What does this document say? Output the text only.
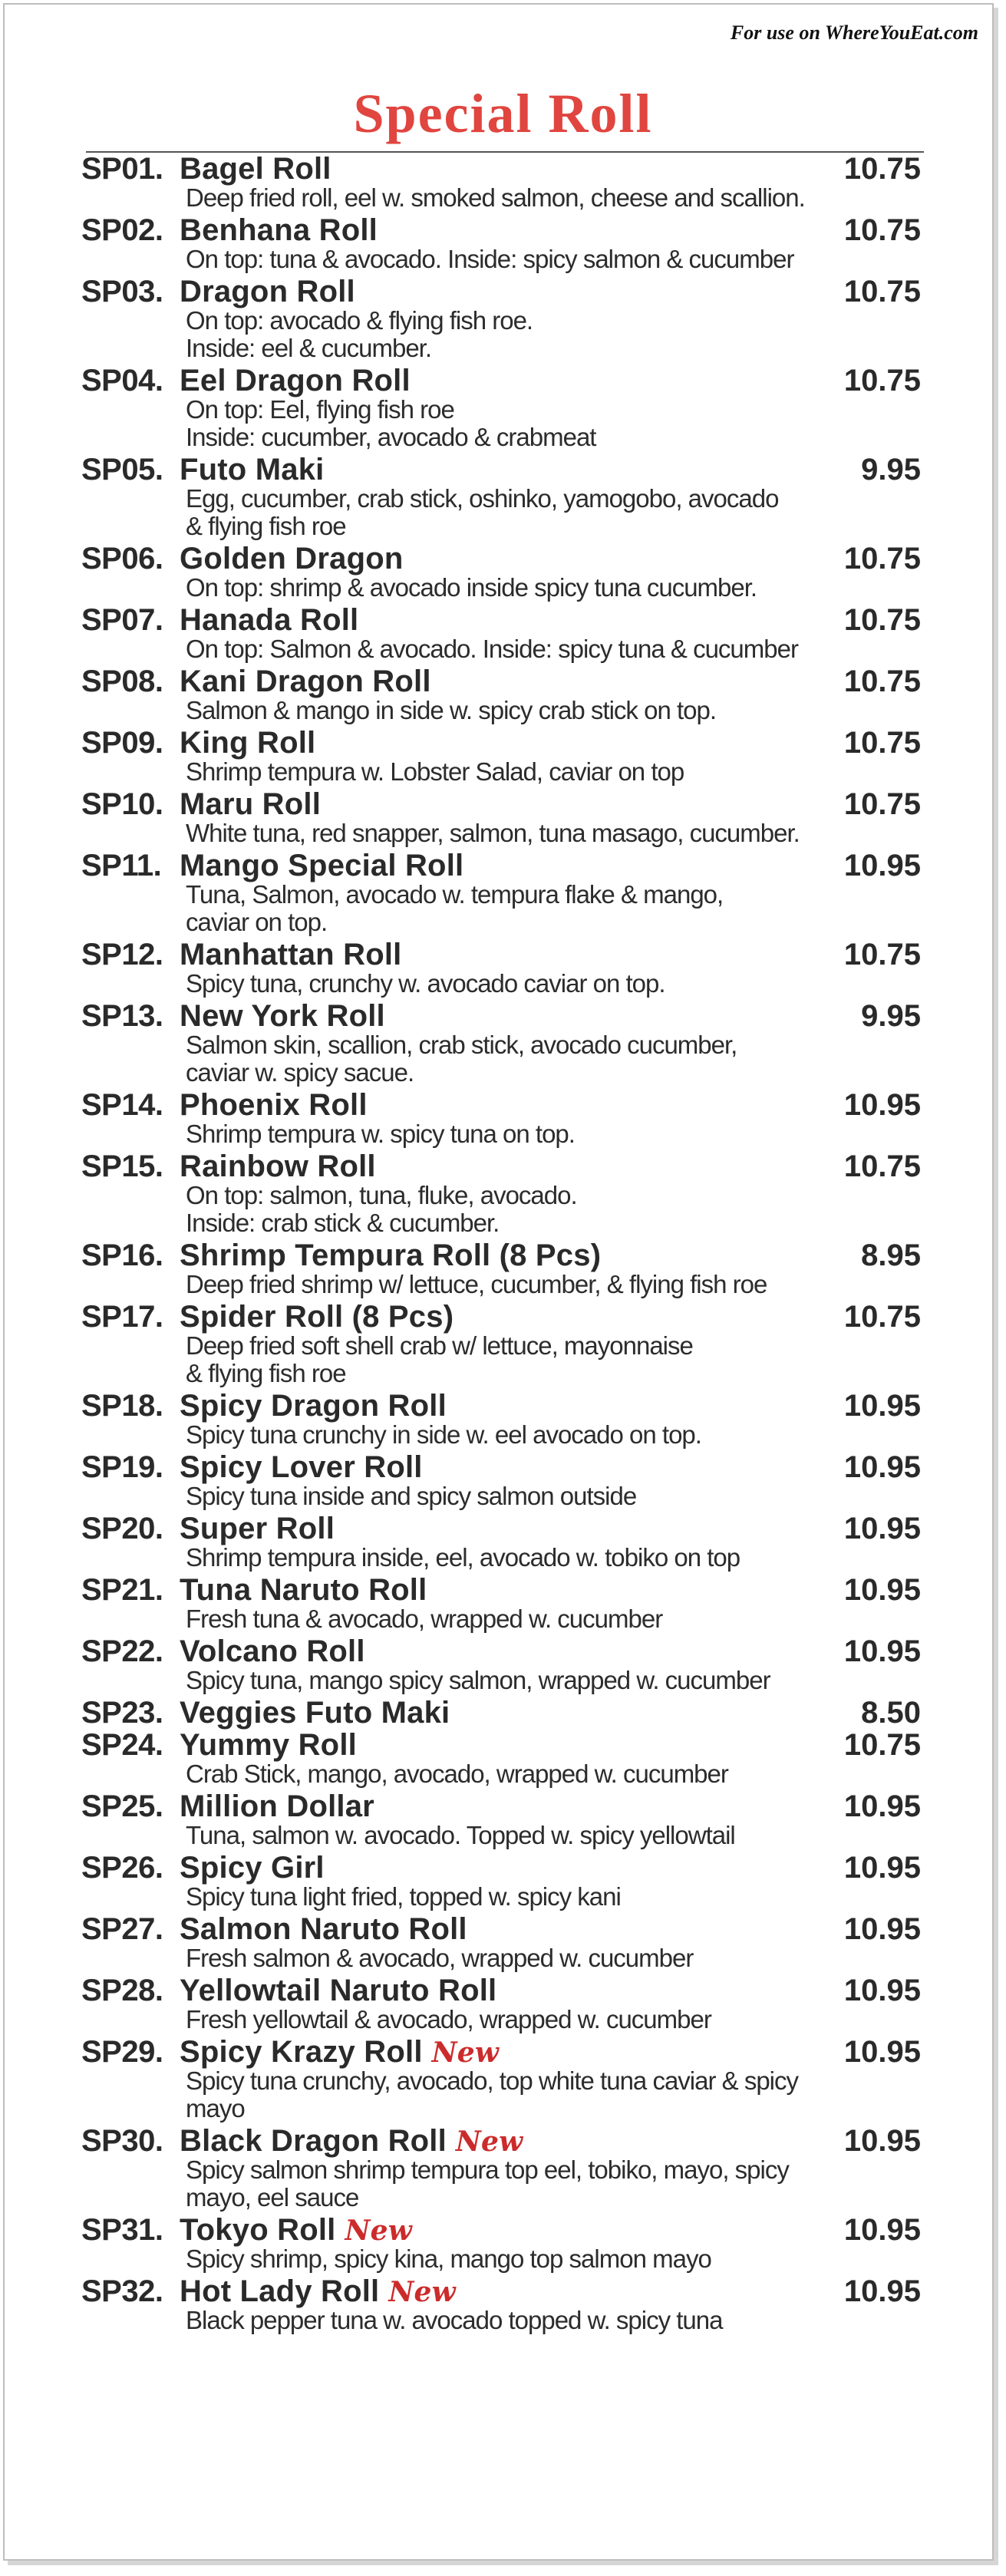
For use on WhereYouEat.com
Special Roll
SP01. Bagel Roll	10.75
Deep fried roll, eel w. smoked salmon, cheese and scallion.
SP02. Benhana Roll	10.75
On top: tuna & avocado. Inside: spicy salmon & cucumber
SP03. Dragon Roll	10.75
On top: avocado & flying fish roe.
Inside: eel & cucumber.
SP04. Eel Dragon Roll	10.75
On top: Eel, flying fish roe
Inside: cucumber, avocado & crabmeat
SP05. Futo Maki	9.95
Egg, cucumber, crab stick, oshinko, yamogobo, avocado
& flying fish roe
SP06. Golden Dragon	10.75
On top: shrimp & avocado inside spicy tuna cucumber.
SP07. Hanada Roll	10.75
On top: Salmon & avocado. Inside: spicy tuna & cucumber
SP08. Kani Dragon Roll	10.75
Salmon & mango in side w. spicy crab stick on top.
SP09. King Roll	10.75
Shrimp tempura w. Lobster Salad, caviar on top
SP10. Maru Roll	10.75
White tuna, red snapper, salmon, tuna masago, cucumber.
SP11. Mango Special Roll	10.95
Tuna, Salmon, avocado w. tempura flake & mango,
caviar on top.
SP12. Manhattan Roll	10.75
Spicy tuna, crunchy w. avocado caviar on top.
SP13. New York Roll	9.95
Salmon skin, scallion, crab stick, avocado cucumber,
caviar w. spicy sacue.
SP14. Phoenix Roll	10.95
Shrimp tempura w. spicy tuna on top.
SP15. Rainbow Roll	10.75
On top: salmon, tuna, fluke, avocado.
Inside: crab stick & cucumber.
SP16. Shrimp Tempura Roll (8 Pcs)	8.95
Deep fried shrimp w/ lettuce, cucumber, & flying fish roe
SP17. Spider Roll (8 Pcs)	10.75
Deep fried soft shell crab w/ lettuce, mayonnaise
& flying fish roe
SP18. Spicy Dragon Roll	10.95
Spicy tuna crunchy in side w. eel avocado on top.
SP19. Spicy Lover Roll	10.95
Spicy tuna inside and spicy salmon outside
SP20. Super Roll	10.95
Shrimp tempura inside, eel, avocado w. tobiko on top
SP21. Tuna Naruto Roll	10.95
Fresh tuna & avocado, wrapped w. cucumber
SP22. Volcano Roll	10.95
Spicy tuna, mango spicy salmon, wrapped w. cucumber
SP23. Veggies Futo Maki	8.50
SP24. Yummy Roll	10.75
Crab Stick, mango, avocado, wrapped w. cucumber
SP25. Million Dollar	10.95
Tuna, salmon w. avocado. Topped w. spicy yellowtail
SP26. Spicy Girl	10.95
Spicy tuna light fried, topped w. spicy kani
SP27. Salmon Naruto Roll	10.95
Fresh salmon & avocado, wrapped w. cucumber
SP28. Yellowtail Naruto Roll	10.95
Fresh yellowtail & avocado, wrapped w. cucumber
SP29. Spicy Krazy Roll New	10.95
Spicy tuna crunchy, avocado, top white tuna caviar & spicy
mayo
SP30. Black Dragon Roll New	10.95
Spicy salmon shrimp tempura top eel, tobiko, mayo, spicy
mayo, eel sauce
SP31. Tokyo Roll New	10.95
Spicy shrimp, spicy kina, mango top salmon mayo
SP32. Hot Lady Roll New	10.95
Black pepper tuna w. avocado topped w. spicy tuna
